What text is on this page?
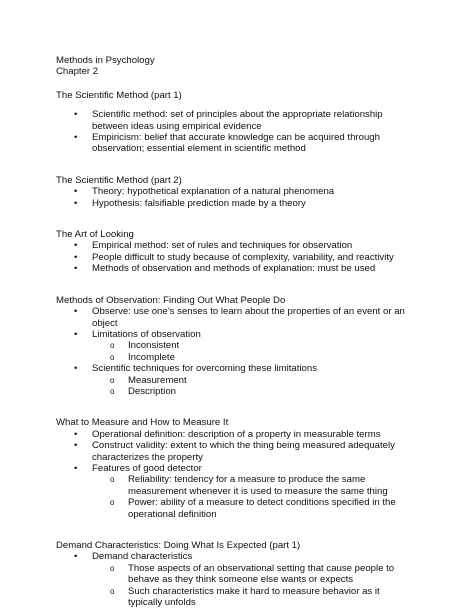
Methods in Psychology

Chapter 2

The Scientific Method (part 1)

•	Scientific method: set of principles about the appropriate relationship between ideas using empirical evidence
•	Empiricism: belief that accurate knowledge can be acquired through observation; essential element in scientific method

The Scientific Method (part 2)

•	Theory: hypothetical explanation of a natural phenomena
•	Hypothesis: falsifiable prediction made by a theory

The Art of Looking

•	Empirical method: set of rules and techniques for observation
•	People difficult to study because of complexity, variability, and reactivity
•	Methods of observation and methods of explanation: must be used

Methods of Observation: Finding Out What People Do

•	Observe: use one’s senses to learn about the properties of an event or an object
•	Limitations of observation
o Inconsistent
o Incomplete
•	Scientific techniques for overcoming these limitations
o Measurement
o Description

What to Measure and How to Measure It

•	Operational definition: description of a property in measurable terms
•	Construct validity: extent to which the thing being measured adequately characterizes the property
•	Features of good detector
o Reliability: tendency for a measure to produce the same measurement whenever it is used to measure the same thing
o Power: ability of a measure to detect conditions specified in the operational definition

Demand Characteristics: Doing What Is Expected (part 1)

•	Demand characteristics
o Those aspects of an observational setting that cause people to behave as they think someone else wants or expects
o Such characteristics make it hard to measure behavior as it typically unfolds
